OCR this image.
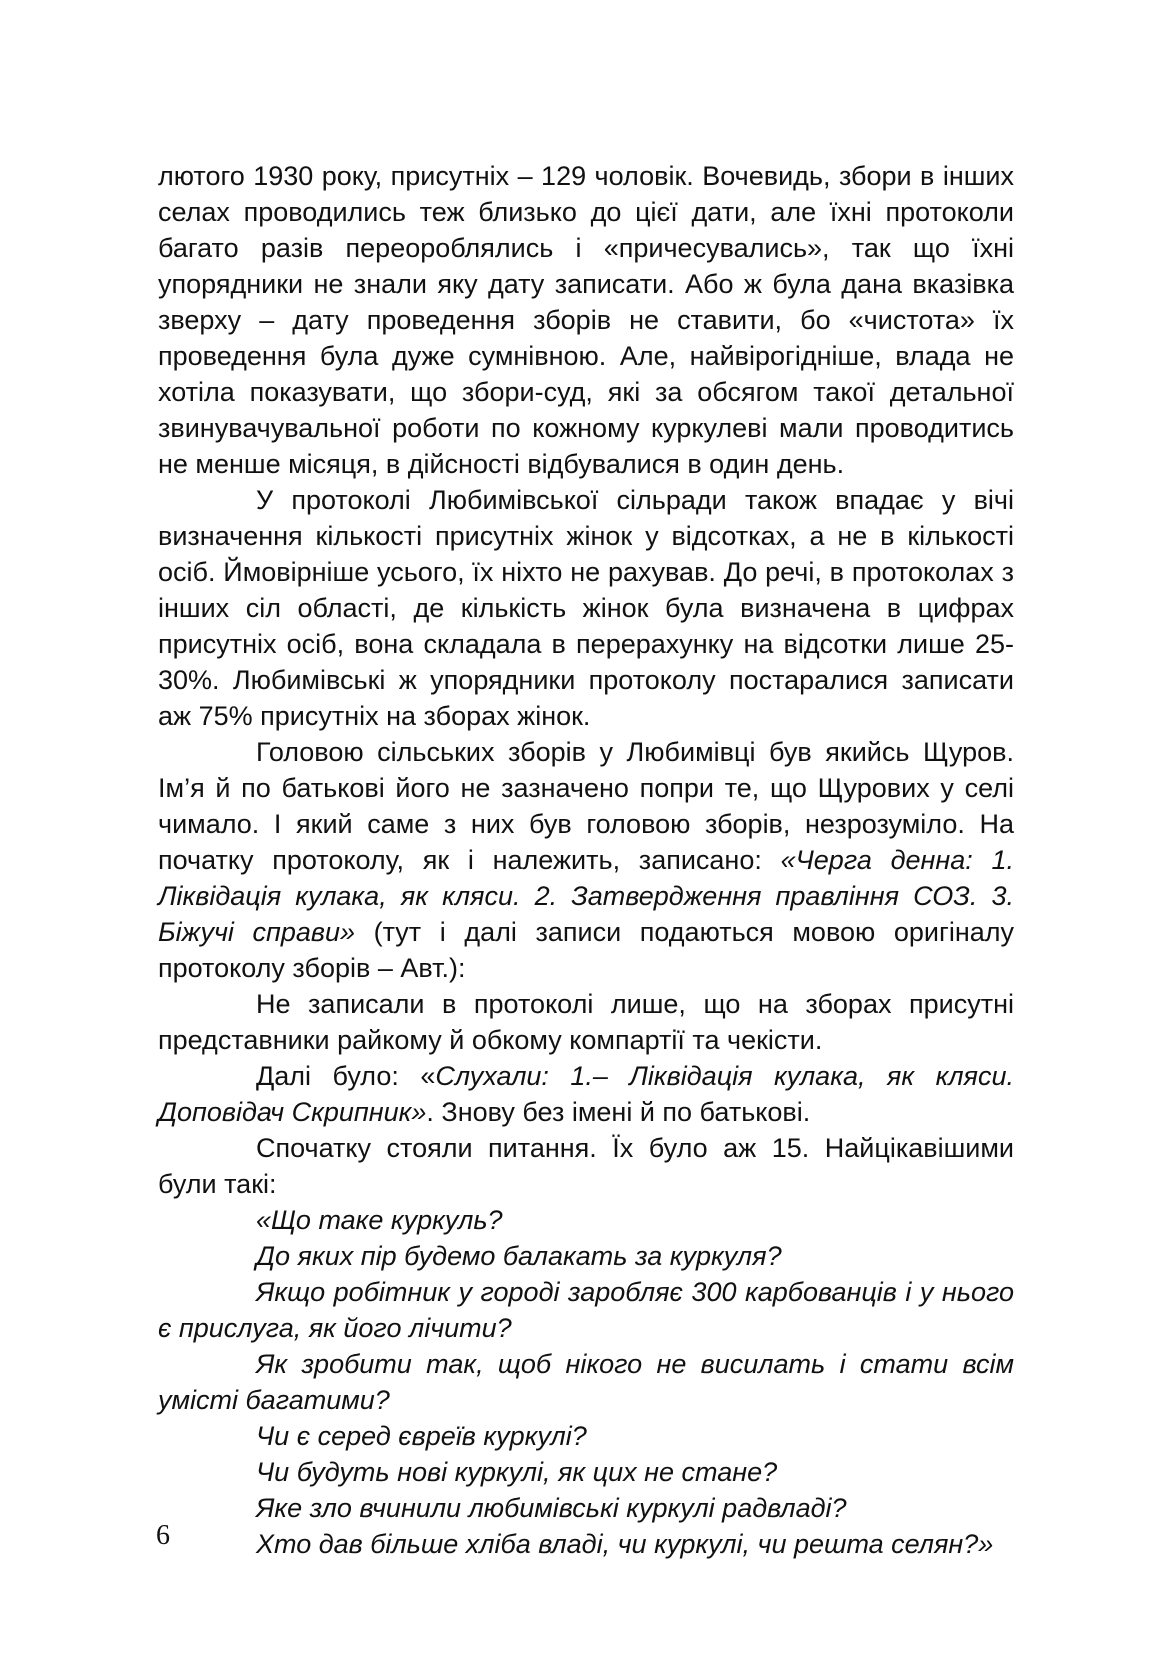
лютого 1930 року, присутніх – 129 чоловік. Вочевидь, збори в інших селах проводились теж близько до цієї дати, але їхні протоколи багато разів переороблялись і «причесувались», так що їхні упорядники не знали яку дату записати. Або ж була дана вказівка зверху – дату проведення зборів не ставити, бо «чистота» їх проведення була дуже сумнівною. Але, найвірогідніше, влада не хотіла показувати, що збори-суд, які за обсягом такої детальної звинувачувальної роботи по кожному куркулеві мали проводитись не менше місяця, в дійсності відбувалися в один день.

У протоколі Любимівської сільради також впадає у вічі визначення кількості присутніх жінок у відсотках, а не в кількості осіб. Ймовірніше усього, їх ніхто не рахував. До речі, в протоколах з інших сіл області, де кількість жінок була визначена в цифрах присутніх осіб, вона складала в перерахунку на відсотки лише 25-30%. Любимівські ж упорядники протоколу постаралися записати аж 75% присутніх на зборах жінок.

Головою сільських зборів у Любимівці був якийсь Щуров. Ім’я й по батькові його не зазначено попри те, що Щурових у селі чимало. І який саме з них був головою зборів, незрозуміло. На початку протоколу, як і належить, записано: «Черга денна: 1. Ліквідація кулака, як кляси. 2. Затвердження правління СОЗ. 3. Біжучі справи» (тут і далі записи подаються мовою оригіналу протоколу зборів – Авт.):

Не записали в протоколі лише, що на зборах присутні представники райкому й обкому компартії та чекісти.

Далі було: «Слухали: 1.– Ліквідація кулака, як кляси. Доповідач Скрипник». Знову без імені й по батькові.

Спочатку стояли питання. Їх було аж 15. Найцікавішими були такі:

«Що таке куркуль?

До яких пір будемо балакать за куркуля?

Якщо робітник у городі заробляє 300 карбованців і у нього є прислуга, як його лічити?

Як зробити так, щоб нікого не висилать і стати всім умісті багатими?

Чи є серед євреїв куркулі?

Чи будуть нові куркулі, як цих не стане?

Яке зло вчинили любимівські куркулі радвладі?

Хто дав більше хліба владі, чи куркулі, чи решта селян?»

6
